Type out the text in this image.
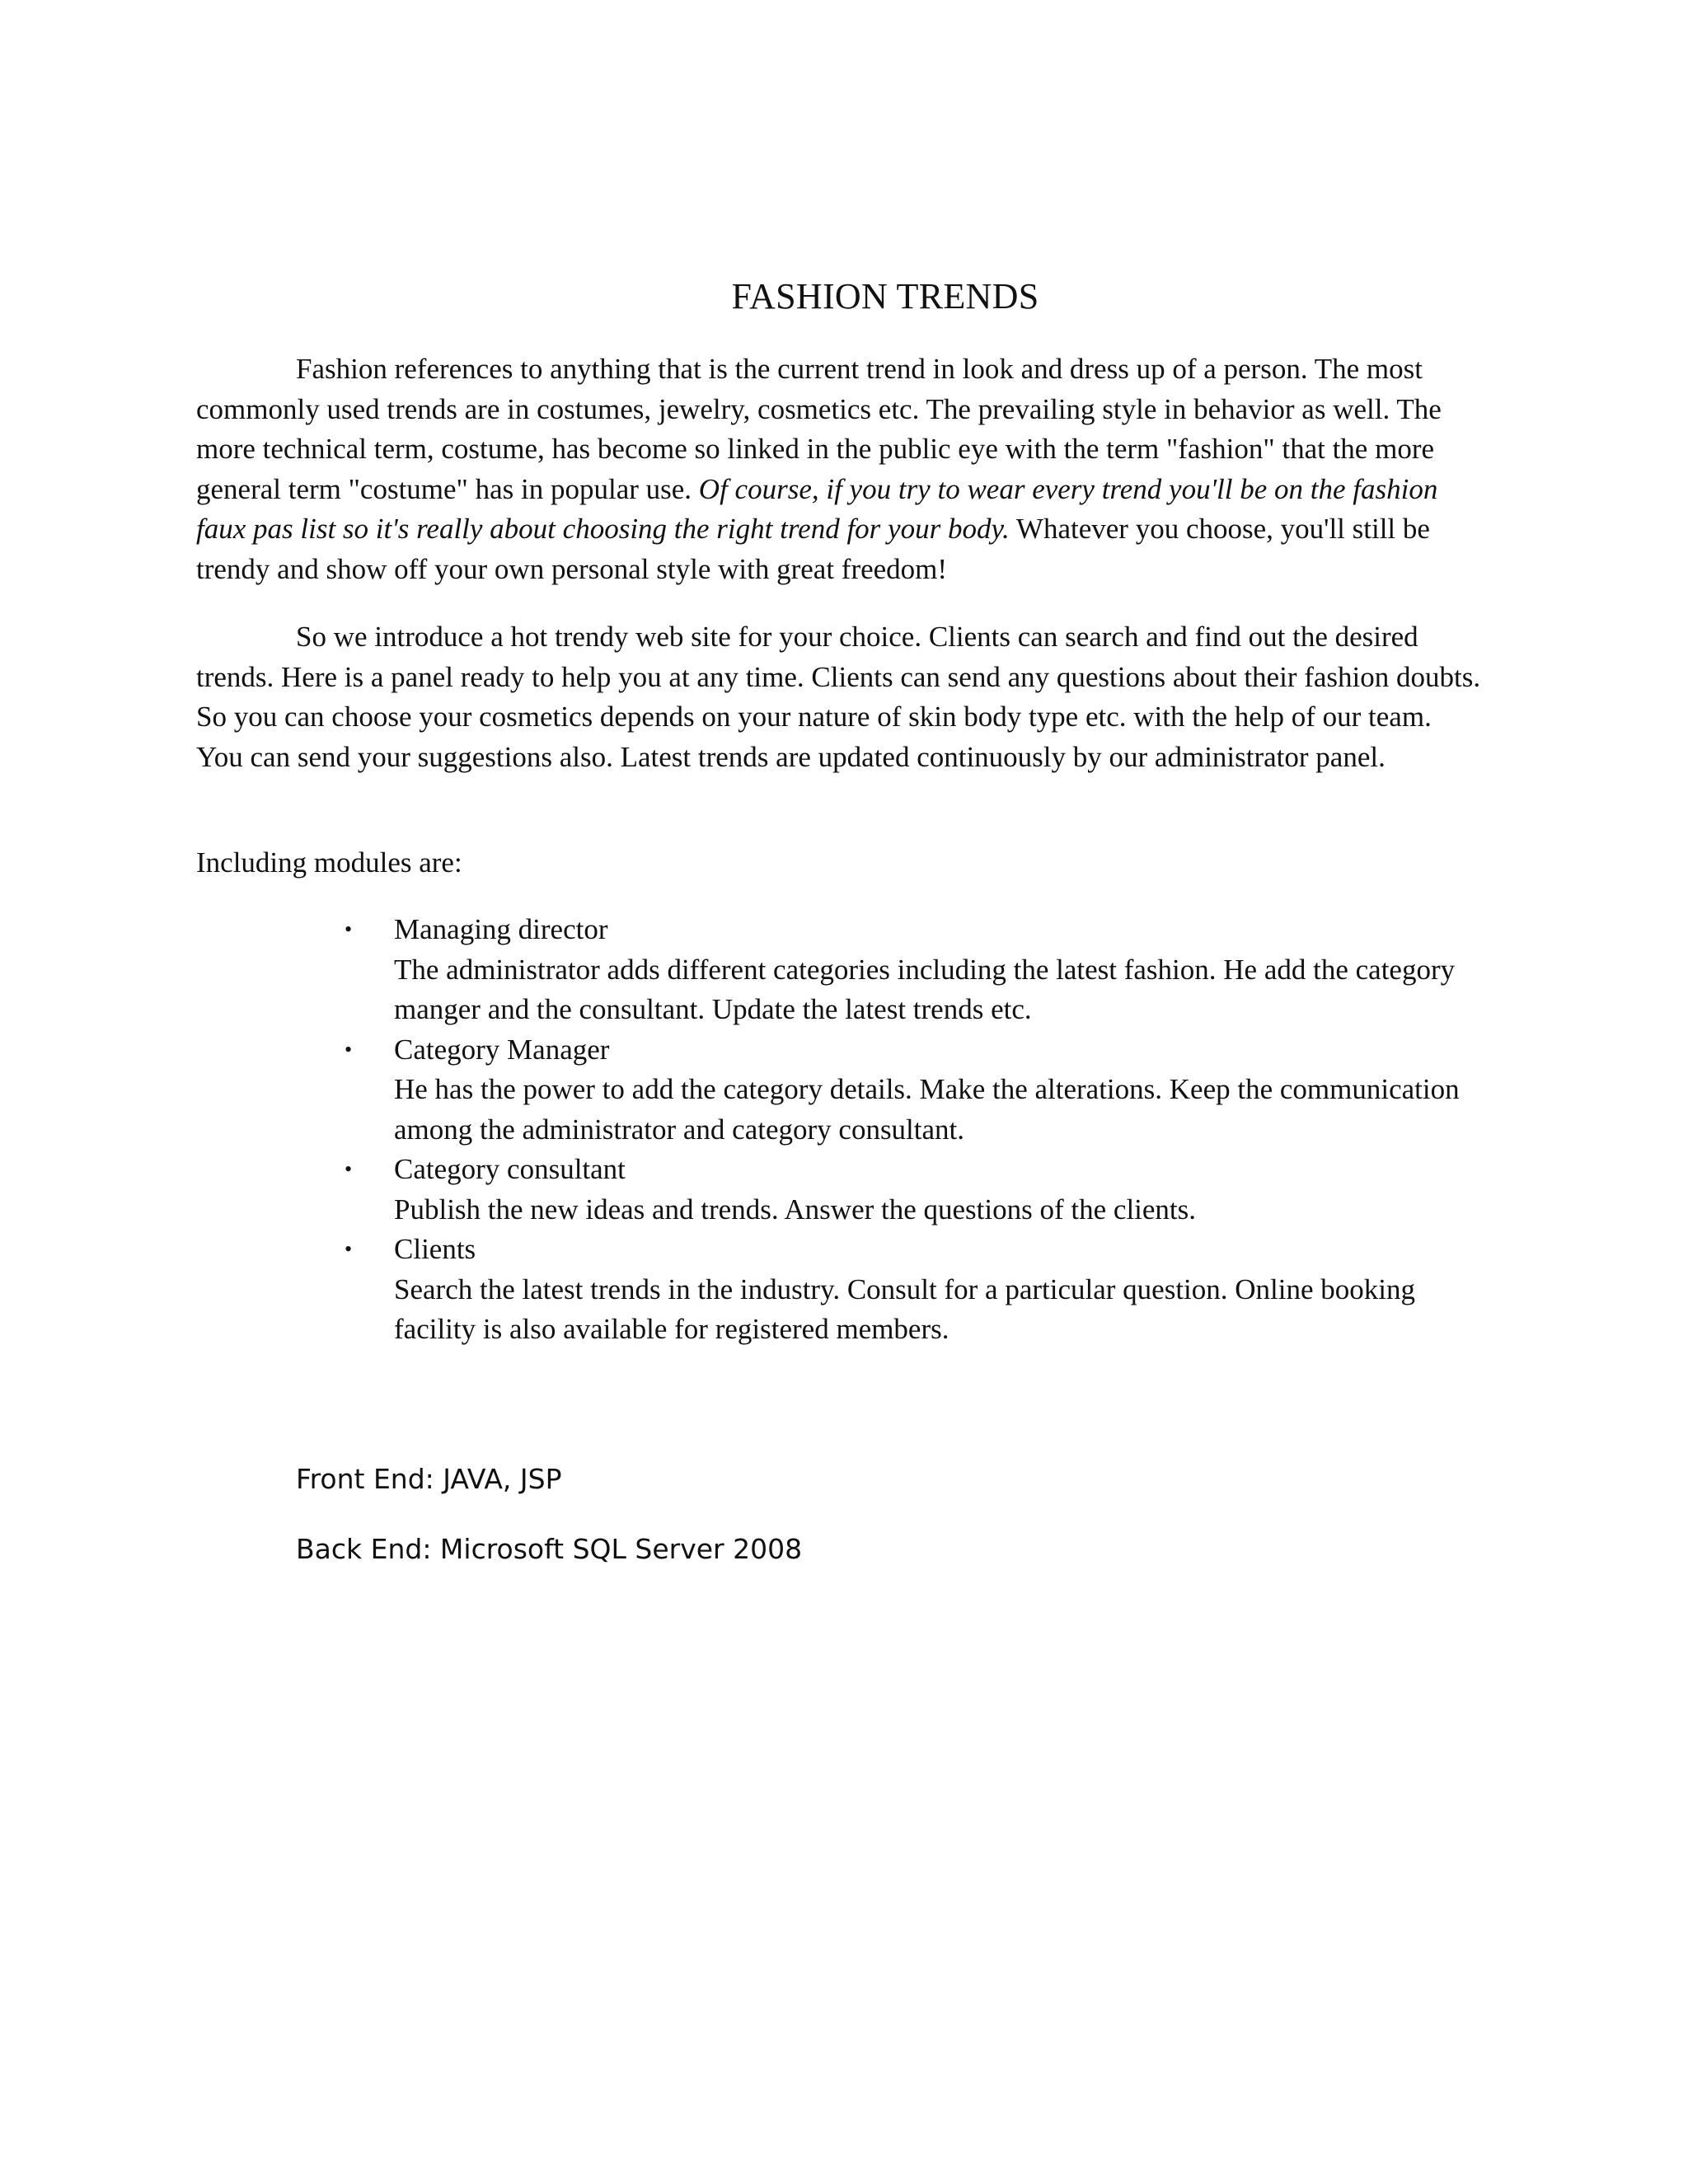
FASHION TRENDS

Fashion references to anything that is the current trend in look and dress up of a person. The most commonly used trends are in costumes, jewelry, cosmetics etc. The prevailing style in behavior as well. The more technical term, costume, has become so linked in the public eye with the term "fashion" that the more general term "costume" has in popular use. Of course, if you try to wear every trend you'll be on the fashion faux pas list so it's really about choosing the right trend for your body. Whatever you choose, you'll still be trendy and show off your own personal style with great freedom!

So we introduce a hot trendy web site for your choice. Clients can search and find out the desired trends. Here is a panel ready to help you at any time. Clients can send any questions about their fashion doubts. So you can choose your cosmetics depends on your nature of skin body type etc. with the help of our team. You can send your suggestions also. Latest trends are updated continuously by our administrator panel.

Including modules are:

• Managing director
The administrator adds different categories including the latest fashion. He add the category manger and the consultant. Update the latest trends etc.
• Category Manager
He has the power to add the category details. Make the alterations. Keep the communication among the administrator and category consultant.
• Category consultant
Publish the new ideas and trends. Answer the questions of the clients.
• Clients
Search the latest trends in the industry. Consult for a particular question. Online booking facility is also available for registered members.

Front End: JAVA, JSP

Back End: Microsoft SQL Server 2008
